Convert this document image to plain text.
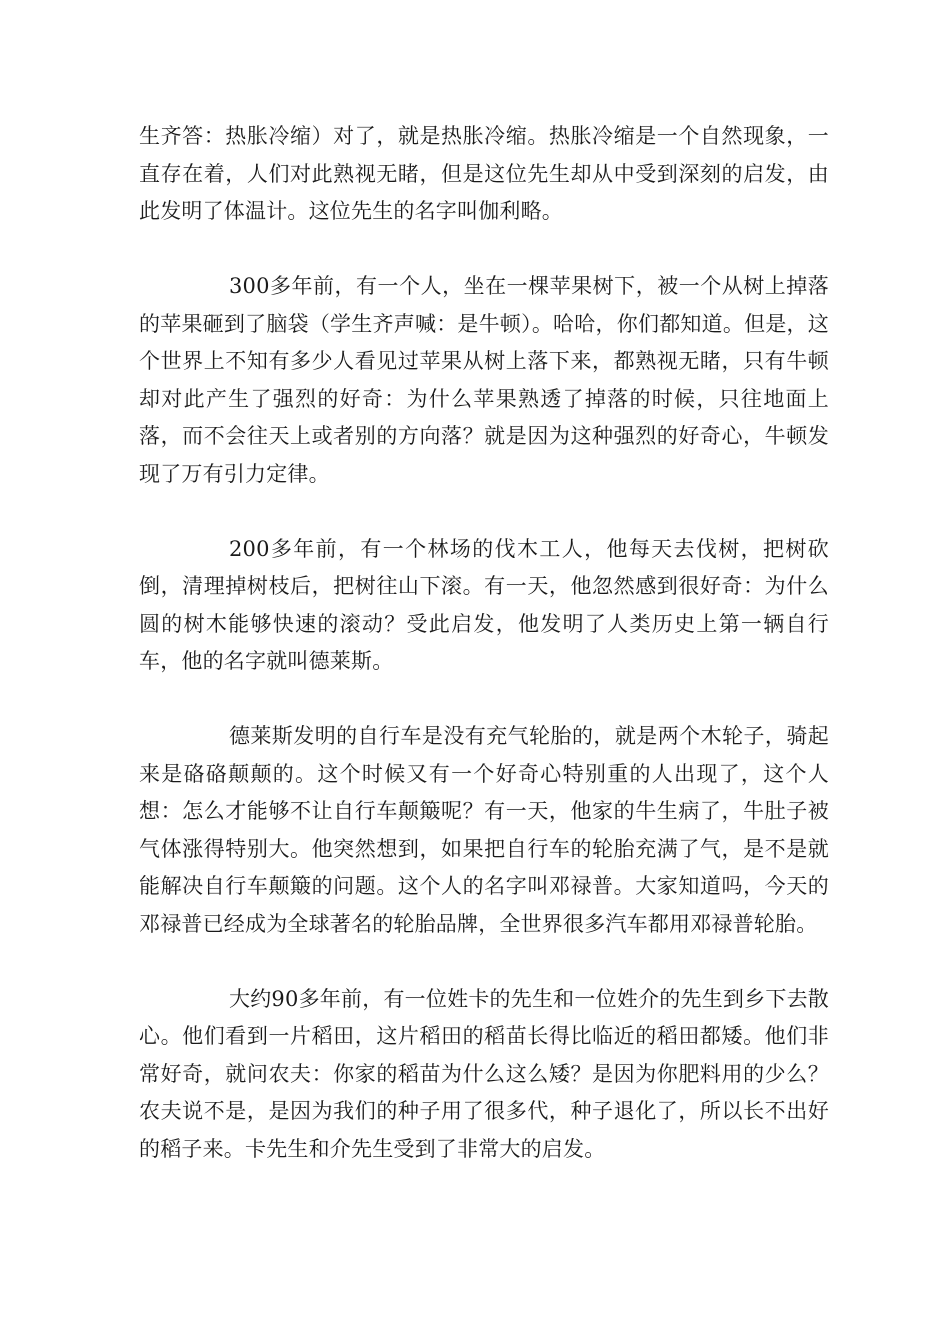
生齐答：热胀冷缩）对了，就是热胀冷缩。热胀冷缩是一个自然现象，一直存在着，人们对此熟视无睹，但是这位先生却从中受到深刻的启发，由此发明了体温计。这位先生的名字叫伽利略。

300多年前，有一个人，坐在一棵苹果树下，被一个从树上掉落的苹果砸到了脑袋（学生齐声喊：是牛顿）。哈哈，你们都知道。但是，这个世界上不知有多少人看见过苹果从树上落下来，都熟视无睹，只有牛顿却对此产生了强烈的好奇：为什么苹果熟透了掉落的时候，只往地面上落，而不会往天上或者别的方向落？就是因为这种强烈的好奇心，牛顿发现了万有引力定律。

200多年前，有一个林场的伐木工人，他每天去伐树，把树砍倒，清理掉树枝后，把树往山下滚。有一天，他忽然感到很好奇：为什么圆的树木能够快速的滚动？受此启发，他发明了人类历史上第一辆自行车，他的名字就叫德莱斯。

德莱斯发明的自行车是没有充气轮胎的，就是两个木轮子，骑起来是硌硌颠颠的。这个时候又有一个好奇心特别重的人出现了，这个人想：怎么才能够不让自行车颠簸呢？有一天，他家的牛生病了，牛肚子被气体涨得特别大。他突然想到，如果把自行车的轮胎充满了气，是不是就能解决自行车颠簸的问题。这个人的名字叫邓禄普。大家知道吗，今天的邓禄普已经成为全球著名的轮胎品牌，全世界很多汽车都用邓禄普轮胎。

大约90多年前，有一位姓卡的先生和一位姓介的先生到乡下去散心。他们看到一片稻田，这片稻田的稻苗长得比临近的稻田都矮。他们非常好奇，就问农夫：你家的稻苗为什么这么矮？是因为你肥料用的少么？农夫说不是，是因为我们的种子用了很多代，种子退化了，所以长不出好的稻子来。卡先生和介先生受到了非常大的启发。
